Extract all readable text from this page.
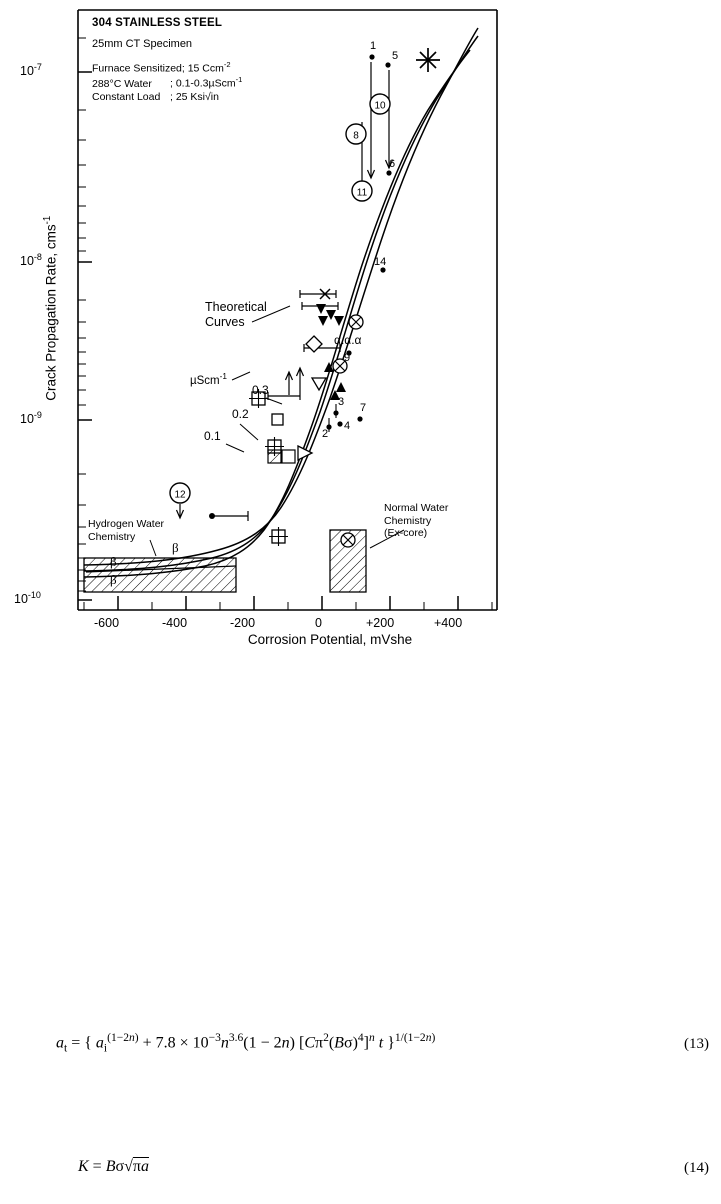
β
β
β
10
8
11
12
304 STAINLESS STEEL
25mm CT Specimen
Furnace Sensitized; 15 Ccm$^{-2}$
288°C Water ; 0.1-0.3µScm$^{-1}$
Constant Load ; 25 Ksi√in
Crack Propagation Rate, cms$^{-1}$
Corrosion Potential, mVshe
$10^{-7}$
$10^{-8}$
$10^{-9}$
$10^{-10}$
-600	-400	-200	0	+200	+400
Theoretical
Curves
µScm$^{-1}$
0.3
0.2
0.1
Hydrogen Water
Chemistry
Normal Water
Chemistry
(Ex-core)
1
5
6
14
α.α.α
9
3 7
2
4
$a_t$ = { $a_i^{(1-2n)} + 7.8 \times 10^{-3}n^{3.6}(1 - 2n)$ $[C\pi^2(B\sigma)^4]^n$ t }$^{1/(1-2n)}$	(13)
K = Bσ√πa	(14)
